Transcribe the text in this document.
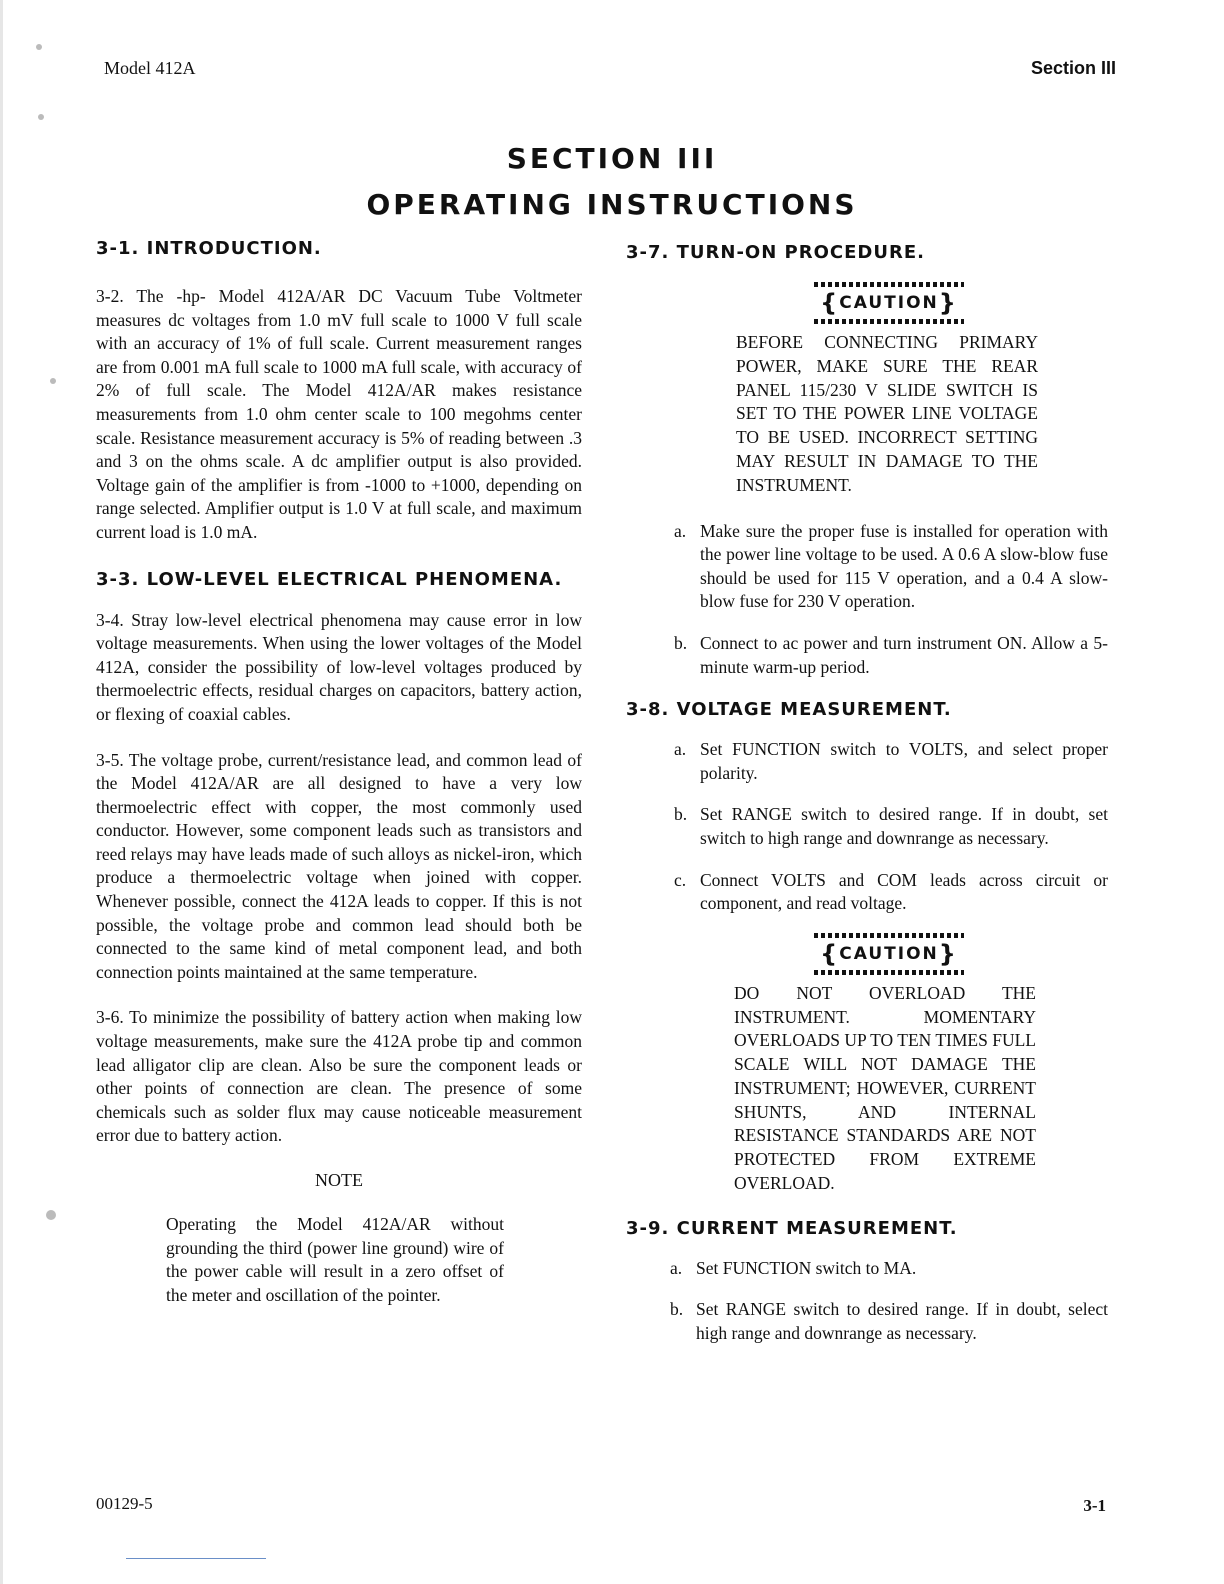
Model 412A	Section III
SECTION III
OPERATING INSTRUCTIONS

3-1. INTRODUCTION.

3-2. The -hp- Model 412A/AR DC Vacuum Tube Voltmeter measures dc voltages from 1.0 mV full scale to 1000 V full scale with an accuracy of 1% of full scale. Current measurement ranges are from 0.001 mA full scale to 1000 mA full scale, with accuracy of 2% of full scale. The Model 412A/AR makes resistance measurements from 1.0 ohm center scale to 100 megohms center scale. Resistance measurement accuracy is 5% of reading between .3 and 3 on the ohms scale. A dc amplifier output is also provided. Voltage gain of the amplifier is from -1000 to +1000, depending on range selected. Amplifier output is 1.0 V at full scale, and maximum current load is 1.0 mA.

3-3. LOW-LEVEL ELECTRICAL PHENOMENA.

3-4. Stray low-level electrical phenomena may cause error in low voltage measurements. When using the lower voltages of the Model 412A, consider the possibility of low-level voltages produced by thermoelectric effects, residual charges on capacitors, battery action, or flexing of coaxial cables.

3-5. The voltage probe, current/resistance lead, and common lead of the Model 412A/AR are all designed to have a very low thermoelectric effect with copper, the most commonly used conductor. However, some component leads such as transistors and reed relays may have leads made of such alloys as nickel-iron, which produce a thermoelectric voltage when joined with copper. Whenever possible, connect the 412A leads to copper. If this is not possible, the voltage probe and common lead should both be connected to the same kind of metal component lead, and both connection points maintained at the same temperature.

3-6. To minimize the possibility of battery action when making low voltage measurements, make sure the 412A probe tip and common lead alligator clip are clean. Also be sure the component leads or other points of connection are clean. The presence of some chemicals such as solder flux may cause noticeable measurement error due to battery action.

NOTE

Operating the Model 412A/AR without grounding the third (power line ground) wire of the power cable will result in a zero offset of the meter and oscillation of the pointer.

3-7. TURN-ON PROCEDURE.

{CAUTION}

BEFORE CONNECTING PRIMARY POWER, MAKE SURE THE REAR PANEL 115/230 V SLIDE SWITCH IS SET TO THE POWER LINE VOLTAGE TO BE USED. INCORRECT SETTING MAY RESULT IN DAMAGE TO THE INSTRUMENT.

a. Make sure the proper fuse is installed for operation with the power line voltage to be used. A 0.6 A slow-blow fuse should be used for 115 V operation, and a 0.4 A slow-blow fuse for 230 V operation.
b. Connect to ac power and turn instrument ON. Allow a 5-minute warm-up period.

3-8. VOLTAGE MEASUREMENT.

a. Set FUNCTION switch to VOLTS, and select proper polarity.
b. Set RANGE switch to desired range. If in doubt, set switch to high range and downrange as necessary.
c. Connect VOLTS and COM leads across circuit or component, and read voltage.
{CAUTION}

DO NOT OVERLOAD THE INSTRUMENT. MOMENTARY OVERLOADS UP TO TEN TIMES FULL SCALE WILL NOT DAMAGE THE INSTRUMENT; HOWEVER, CURRENT SHUNTS, AND INTERNAL RESISTANCE STANDARDS ARE NOT PROTECTED FROM EXTREME OVERLOAD.

3-9. CURRENT MEASUREMENT.

a. Set FUNCTION switch to MA.
b. Set RANGE switch to desired range. If in doubt, select high range and downrange as necessary.
00129-5	3-1
